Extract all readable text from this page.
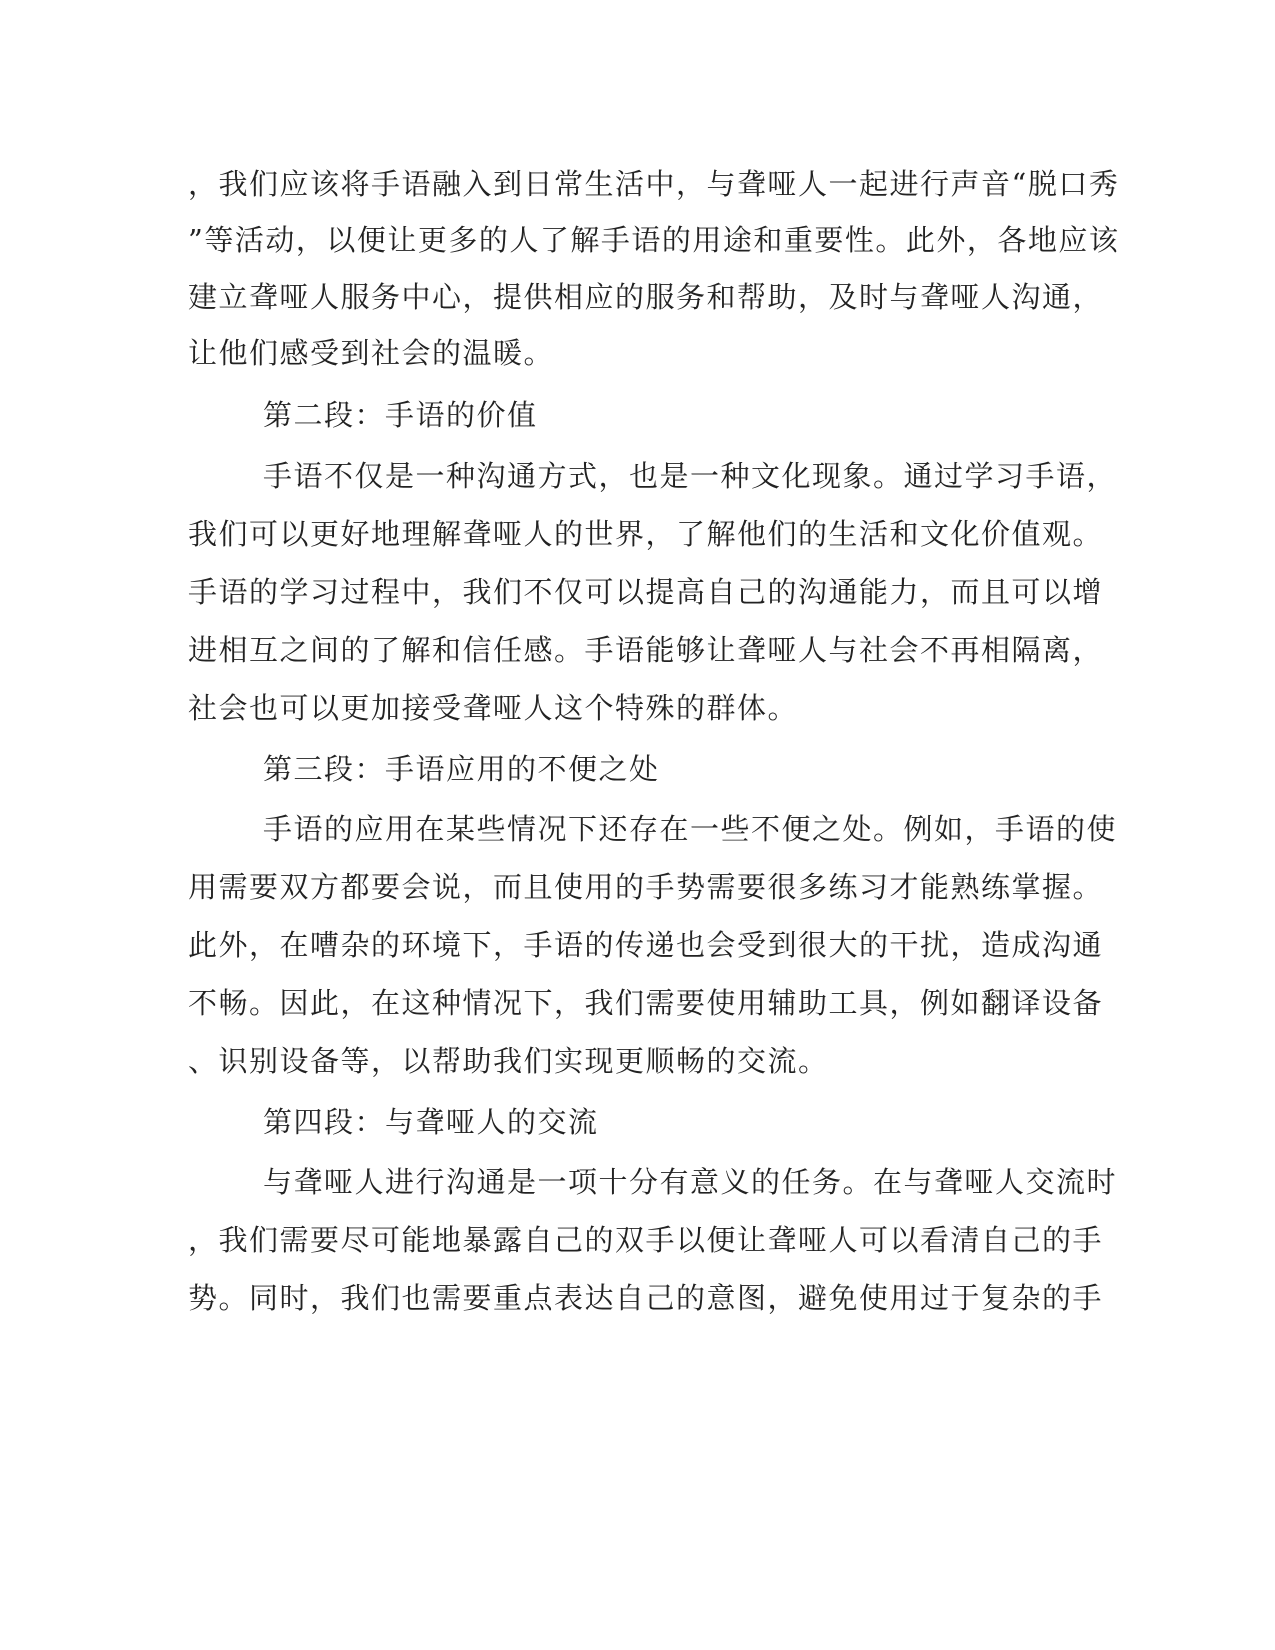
，我们应该将手语融入到日常生活中，与聋哑人一起进行声音“脱口秀
”等活动，以便让更多的人了解手语的用途和重要性。此外，各地应该
建立聋哑人服务中心，提供相应的服务和帮助，及时与聋哑人沟通，
让他们感受到社会的温暖。
第二段：手语的价值
手语不仅是一种沟通方式，也是一种文化现象。通过学习手语，
我们可以更好地理解聋哑人的世界，了解他们的生活和文化价值观。
手语的学习过程中，我们不仅可以提高自己的沟通能力，而且可以增
进相互之间的了解和信任感。手语能够让聋哑人与社会不再相隔离，
社会也可以更加接受聋哑人这个特殊的群体。
第三段：手语应用的不便之处
手语的应用在某些情况下还存在一些不便之处。例如，手语的使
用需要双方都要会说，而且使用的手势需要很多练习才能熟练掌握。
此外，在嘈杂的环境下，手语的传递也会受到很大的干扰，造成沟通
不畅。因此，在这种情况下，我们需要使用辅助工具，例如翻译设备
、识别设备等，以帮助我们实现更顺畅的交流。
第四段：与聋哑人的交流
与聋哑人进行沟通是一项十分有意义的任务。在与聋哑人交流时
，我们需要尽可能地暴露自己的双手以便让聋哑人可以看清自己的手
势。同时，我们也需要重点表达自己的意图，避免使用过于复杂的手
